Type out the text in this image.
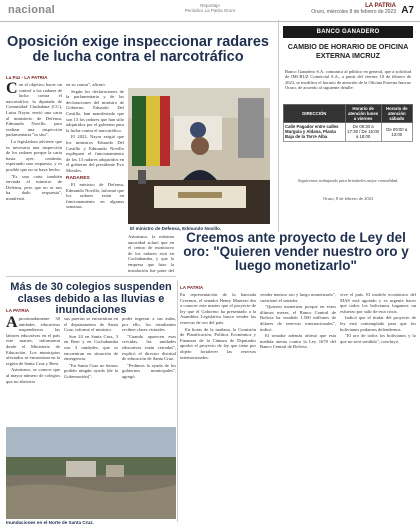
nacional	Reportaje
Periódico La Patria Oruro
LA PATRIA
Oruro, miércoles 8 de febrero de 2023 A7
Oposición exige inspeccionar radares de lucha contra el narcotráfico
La Paz - LA PATRIA

Con el objetivo hacer un control a los radares de lucha contra el narcotráfico, la diputada de Comunidad Ciudadana (CC), Luisa Nayar, envió una carta al ministerio de Defensa, Edmundo Novillo, para realizar una inspección parlamentaria "in situ".

La legisladora advierte que es necesaria una inspección de los radares porque la carta hasta ayer, continúa, esperando una respuesta, y es posible que no se haya hecho.

"Es una carta también enviada al ministro de Defensa, pero que no se nos ha dado respuesta", manifestó.

en su contra", afirmó.

Según los declaraciones de la parlamentaria y de las declaraciones del ministro de Gobierno, Eduardo Del Castillo, han manifestado que son 13 los radares que han sido adquiridos por el gobierno para la lucha contra el narcotráfico.

El 2022, Nayar exigió que los ministros Eduardo Del Castillo y Edmundo Novillo expliquen el funcionamiento de los 13 radares adquiridos en el gobierno del presidente Evo Morales.

RADARES

El ministro de Defensa, Edmundo Novillo, informó que los radares están en funcionamiento en algunas semanas.

El ministro de Defensa, Edmundo Novillo.

Asimismo, la máxima autoridad aclaró que en el centro de monitoreo de los radares está en Cochabamba, y que la empresa que hizo la instalación fue parte del

BANCO GANADERO
CAMBIO DE HORARIO DE OFICINA EXTERNA IMCRUZ
Banco Ganadero S.A. comunica al público en general, que a solicitud de IMCRUZ Comercial S.A., a partir del viernes 10 de febrero de 2023, se modifica el horario de atención de la Oficina Externa Imcruz Oruro, de acuerdo al siguiente detalle:
DIRECCIÓN	Horario de atención lunes a viernes	Horario de atención sábado
Calle Pagador entre calles Murguía y Aldana, Planta Baja de la Torre Alba	De 08:30 a 17:30 / De 15:00 a 18:00	De 09:00 a 13:00
Seguiremos trabajando para brindarles mejor comodidad.
Oruro, 8 de febrero de 2023
Creemos ante proyecto de Ley del oro: "Quieren vender nuestro oro y luego monetizarlo"
LA PATRIA

En representación de la bancada Creemos, el senador Henry Montero dio a conocer este martes que el proyecto de ley que el Gobierno ha presentado a la Asamblea Legislativa busca vender las reservas de oro del país.

En horas de la mañana, la Comisión de Planificación, Política Económica y Finanzas de la Cámara de Diputados aprobó el proyecto de ley que tiene por objeto fortalecer las reservas internacionales.

vender nuestro oro y luego monetizarlo", cuestionó el senador.

"Quieren monetizar porque en estos últimos meses, el Banco Central de Bolivia ha vendido 1.500 millones de dólares de reservas internacionales", indicó.

El senador además afirmó que esta medida atenta contra la Ley 1670 del Banco Central de Bolivia.

vive el país. El modelo económico del MAS está agotado y es urgente hacer que todos los bolivianos hagamos un esfuerzo por salir de esta crisis.

Indicó que el titular del proyecto de ley está contemplado para que los bolivianos podamos defendernos.

"El oro de todos los bolivianos y lo que no será vendido", concluyó.

Más de 30 colegios suspenden clases debido a las lluvias e inundaciones
LA PATRIA

Aproximadamente 30 unidades educativas suspendieron las labores educativas en el país este martes, informaron desde el Ministerio de Educación. Los municipios afectados se encuentran en la región de Santa Cruz y Beni.

Asimismo, se conoce que al mayor número de colegios que no abrieron

sus puertas se encuentran en el departamento de Santa Cruz, informó el ministro.

Son 24 en Santa Cruz, 3 en Beni y en Cochabamba son 3 unidades, que se encuentran en situación de emergencia.

"En Santa Cruz no hemos podido ningún ayuda (de la Gobernación)".

poder ingresar a sus aulas, por ello, los estudiantes reciben clases virtuales.

"Cuando aparecen esas crecidas, las unidades educativas están cerradas", explicó el director distrital de educación de Santa Cruz.

"Pedimos la ayuda de los gobiernos municipales", agregó.

Inundaciones en el Norte de Santa Cruz.
